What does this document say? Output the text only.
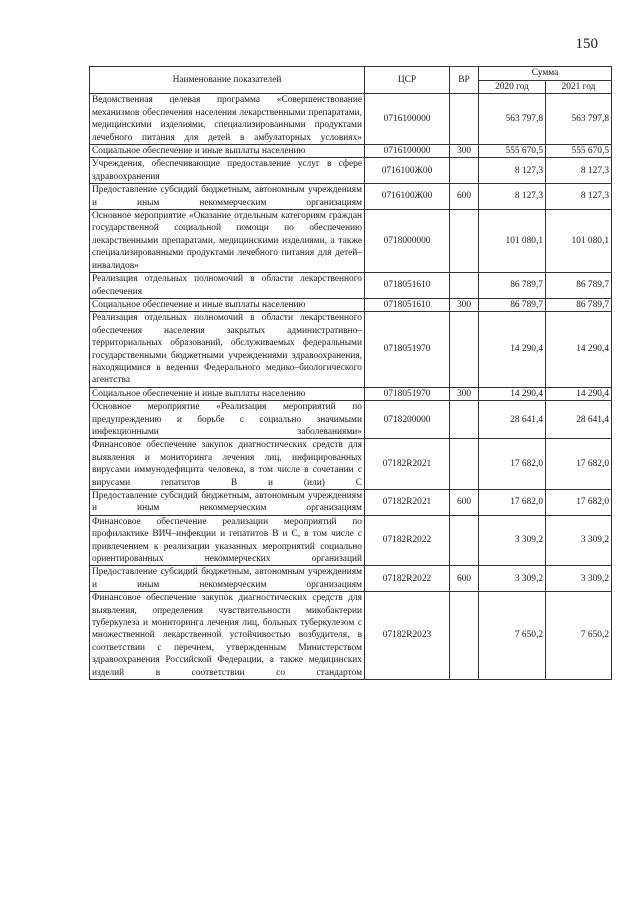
150
Наименование показателей	ЦСР	ВР	Сумма	
			2020 год	2021 год
Ведомственная целевая программа «Совершенствование механизмов обеспечения населения лекарственными препаратами, медицинскими изделиями, специализированными продуктами лечебного питания для детей в амбулаторных условиях»	0716100000		563 797,8	563 797,8
Социальное обеспечение и иные выплаты населению	0716100000	300	555 670,5	555 670,5
Учреждения, обеспечивающие предоставление услуг в сфере здравоохранения	0716100Ж00		8 127,3	8 127,3
Предоставление субсидий бюджетным, автономным учреждениям и иным некоммерческим организациям	0716100Ж00	600	8 127,3	8 127,3
Основное мероприятие «Оказание отдельным категориям граждан государственной социальной помощи по обеспечению лекарственными препаратами, медицинскими изделиями, а также специализированными продуктами лечебного питания для детей–инвалидов»	0718000000		101 080,1	101 080,1
Реализация отдельных полномочий в области лекарственного обеспечения	0718051610		86 789,7	86 789,7
Социальное обеспечение и иные выплаты населению	0718051610	300	86 789,7	86 789,7
Реализация отдельных полномочий в области лекарственного обеспечения населения закрытых административно–территориальных образований, обслуживаемых федеральными государственными бюджетными учреждениями здравоохранения, находящимися в ведении Федерального медико–биологического агентства	0718051970		14 290,4	14 290,4
Социальное обеспечение и иные выплаты населению	0718051970	300	14 290,4	14 290,4
Основное мероприятие «Реализация мероприятий по предупреждению и борьбе с социально значимыми инфекционными заболеваниями»	0718200000		28 641,4	28 641,4
Финансовое обеспечение закупок диагностических средств для выявления и мониторинга лечения лиц, инфицированных вирусами иммунодефицита человека, в том числе в сочетании с вирусами гепатитов В и (или) С	07182R2021		17 682,0	17 682,0
Предоставление субсидий бюджетным, автономным учреждениям и иным некоммерческим организациям	07182R2021	600	17 682,0	17 682,0
Финансовое обеспечение реализации мероприятий по профилактике ВИЧ–инфекции и гепатитов В и С, в том числе с привлечением к реализации указанных мероприятий социально ориентированных некоммерческих организаций	07182R2022		3 309,2	3 309,2
Предоставление субсидий бюджетным, автономным учреждениям и иным некоммерческим организациям	07182R2022	600	3 309,2	3 309,2
Финансовое обеспечение закупок диагностических средств для выявления, определения чувствительности микобактерии туберкулеза и мониторинга лечения лиц, больных туберкулезом с множественной лекарственной устойчивостью возбудителя, в соответствии с перечнем, утвержденным Министерством здравоохранения Российской Федерации, а также медицинских изделий в соответствии со стандартом	07182R2023		7 650,2	7 650,2
